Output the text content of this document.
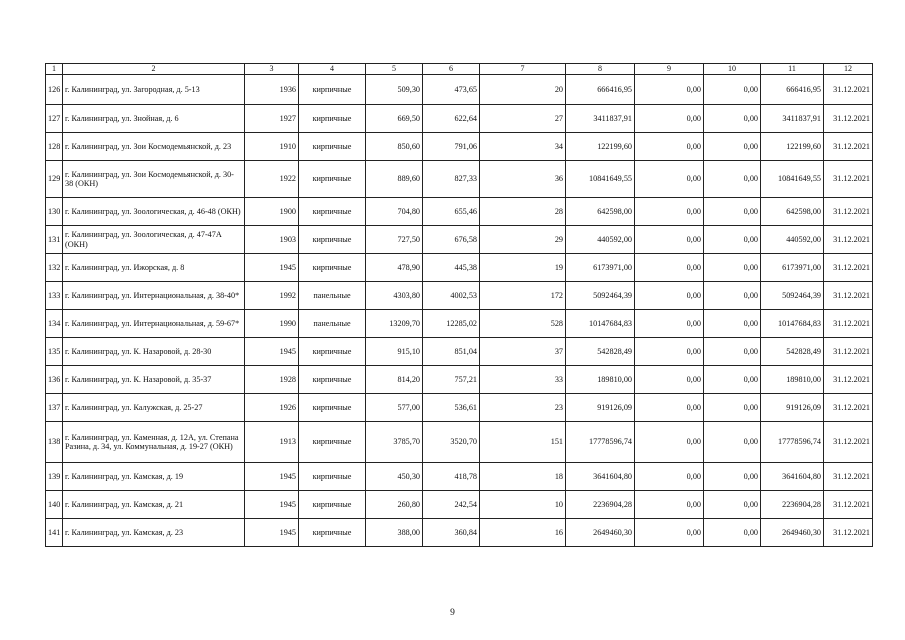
1	2	3	4	5	6	7	8	9	10	11	12
126	г. Калининград, ул. Загородная, д. 5-13	1936	кирпичные	509,30	473,65	20	666416,95	0,00	0,00	666416,95	31.12.2021
127	г. Калининград, ул. Знойная, д. 6	1927	кирпичные	669,50	622,64	27	3411837,91	0,00	0,00	3411837,91	31.12.2021
128	г. Калининград, ул. Зои Космодемьянской, д. 23	1910	кирпичные	850,60	791,06	34	122199,60	0,00	0,00	122199,60	31.12.2021
129	г. Калининград, ул. Зои Космодемьянской, д. 30-38 (ОКН)	1922	кирпичные	889,60	827,33	36	10841649,55	0,00	0,00	10841649,55	31.12.2021
130	г. Калининград, ул. Зоологическая, д. 46-48 (ОКН)	1900	кирпичные	704,80	655,46	28	642598,00	0,00	0,00	642598,00	31.12.2021
131	г. Калининград, ул. Зоологическая, д. 47-47А (ОКН)	1903	кирпичные	727,50	676,58	29	440592,00	0,00	0,00	440592,00	31.12.2021
132	г. Калининград, ул. Ижорская, д. 8	1945	кирпичные	478,90	445,38	19	6173971,00	0,00	0,00	6173971,00	31.12.2021
133	г. Калининград, ул. Интернациональная, д. 38-40*	1992	панельные	4303,80	4002,53	172	5092464,39	0,00	0,00	5092464,39	31.12.2021
134	г. Калининград, ул. Интернациональная, д. 59-67*	1990	панельные	13209,70	12285,02	528	10147684,83	0,00	0,00	10147684,83	31.12.2021
135	г. Калининград, ул. К. Назаровой, д. 28-30	1945	кирпичные	915,10	851,04	37	542828,49	0,00	0,00	542828,49	31.12.2021
136	г. Калининград, ул. К. Назаровой, д. 35-37	1928	кирпичные	814,20	757,21	33	189810,00	0,00	0,00	189810,00	31.12.2021
137	г. Калининград, ул. Калужская, д. 25-27	1926	кирпичные	577,00	536,61	23	919126,09	0,00	0,00	919126,09	31.12.2021
138	г. Калининград, ул. Каменная, д. 12А, ул. Степана Разина, д. 34, ул. Коммунальная, д. 19-27 (ОКН)	1913	кирпичные	3785,70	3520,70	151	17778596,74	0,00	0,00	17778596,74	31.12.2021
139	г. Калининград, ул. Камская, д. 19	1945	кирпичные	450,30	418,78	18	3641604,80	0,00	0,00	3641604,80	31.12.2021
140	г. Калининград, ул. Камская, д. 21	1945	кирпичные	260,80	242,54	10	2236904,28	0,00	0,00	2236904,28	31.12.2021
141	г. Калининград, ул. Камская, д. 23	1945	кирпичные	388,00	360,84	16	2649460,30	0,00	0,00	2649460,30	31.12.2021
9
